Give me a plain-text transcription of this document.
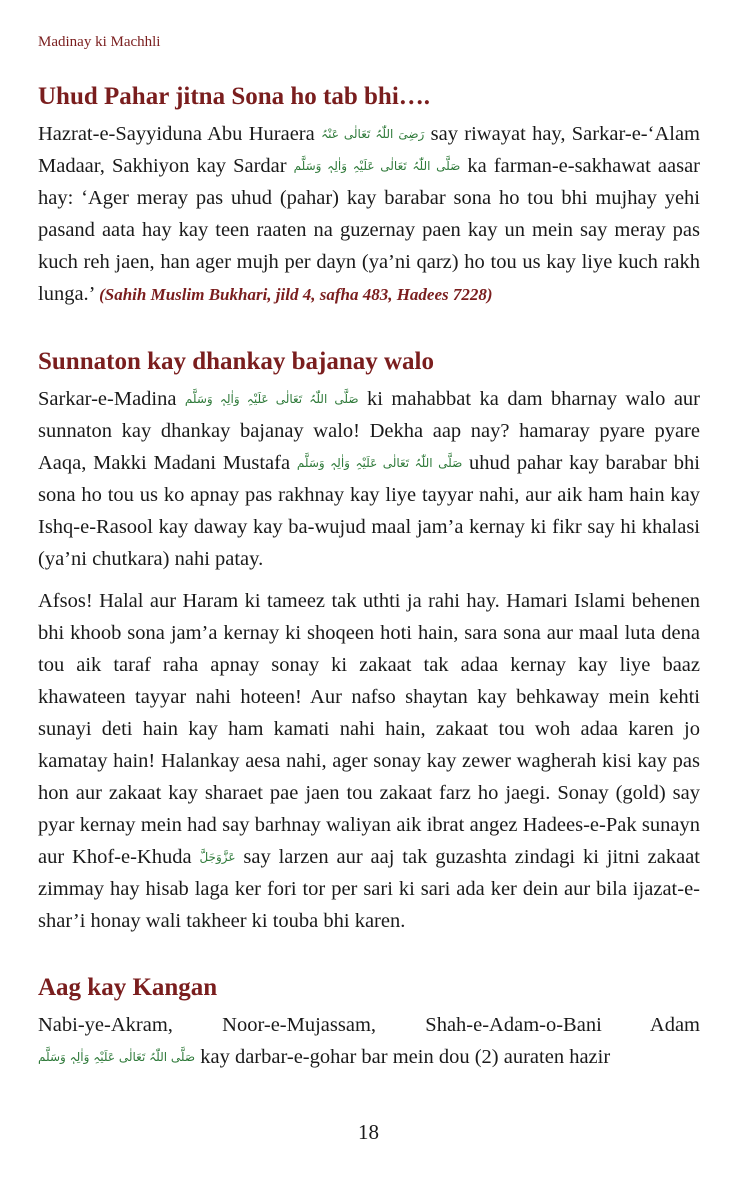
Madinay ki Machhli
Uhud Pahar jitna Sona ho tab bhi….

Hazrat-e-Sayyiduna Abu Huraera رَضِیَ اللّٰہُ تَعَالٰی عَنْہُ say riwayat hay, Sarkar-e-‘Alam Madaar, Sakhiyon kay Sardar صَلَّی اللّٰہُ تَعَالٰی عَلَیْہِ وَاٰلِہٖ وَسَلَّم ka farman-e-sakhawat aasar hay: ‘Ager meray pas uhud (pahar) kay barabar sona ho tou bhi mujhay yehi pasand aata hay kay teen raaten na guzernay paen kay un mein say meray pas kuch reh jaen, han ager mujh per dayn (ya’ni qarz) ho tou us kay liye kuch rakh lunga.’ (Sahih Muslim Bukhari, jild 4, safha 483, Hadees 7228)

Sunnaton kay dhankay bajanay walo

Sarkar-e-Madina صَلَّی اللّٰہُ تَعَالٰی عَلَیْہِ وَاٰلِہٖ وَسَلَّم ki mahabbat ka dam bharnay walo aur sunnaton kay dhankay bajanay walo! Dekha aap nay? hamaray pyare pyare Aaqa, Makki Madani Mustafa صَلَّی اللّٰہُ تَعَالٰی عَلَیْہِ وَاٰلِہٖ وَسَلَّم uhud pahar kay barabar bhi sona ho tou us ko apnay pas rakhnay kay liye tayyar nahi, aur aik ham hain kay Ishq-e-Rasool kay daway kay ba-wujud maal jam’a kernay ki fikr say hi khalasi (ya’ni chutkara) nahi patay.

Afsos! Halal aur Haram ki tameez tak uthti ja rahi hay. Hamari Islami behenen bhi khoob sona jam’a kernay ki shoqeen hoti hain, sara sona aur maal luta dena tou aik taraf raha apnay sonay ki zakaat tak adaa kernay kay liye baaz khawateen tayyar nahi hoteen! Aur nafso shaytan kay behkaway mein kehti sunayi deti hain kay ham kamati nahi hain, zakaat tou woh adaa karen jo kamatay hain! Halankay aesa nahi, ager sonay kay zewer wagherah kisi kay pas hon aur zakaat kay sharaet pae jaen tou zakaat farz ho jaegi. Sonay (gold) say pyar kernay mein had say barhnay waliyan aik ibrat angez Hadees-e-Pak sunayn aur Khof-e-Khuda عَزَّوَجَلَّ say larzen aur aaj tak guzashta zindagi ki jitni zakaat zimmay hay hisab laga ker fori tor per sari ki sari ada ker dein aur bila ijazat-e-shar’i honay wali takheer ki touba bhi karen.

Aag kay Kangan

Nabi-ye-Akram, Noor-e-Mujassam, Shah-e-Adam-o-Bani Adam صَلَّی اللّٰہُ تَعَالٰی عَلَیْہِ وَاٰلِہٖ وَسَلَّم kay darbar-e-gohar bar mein dou (2) auraten hazir

18
